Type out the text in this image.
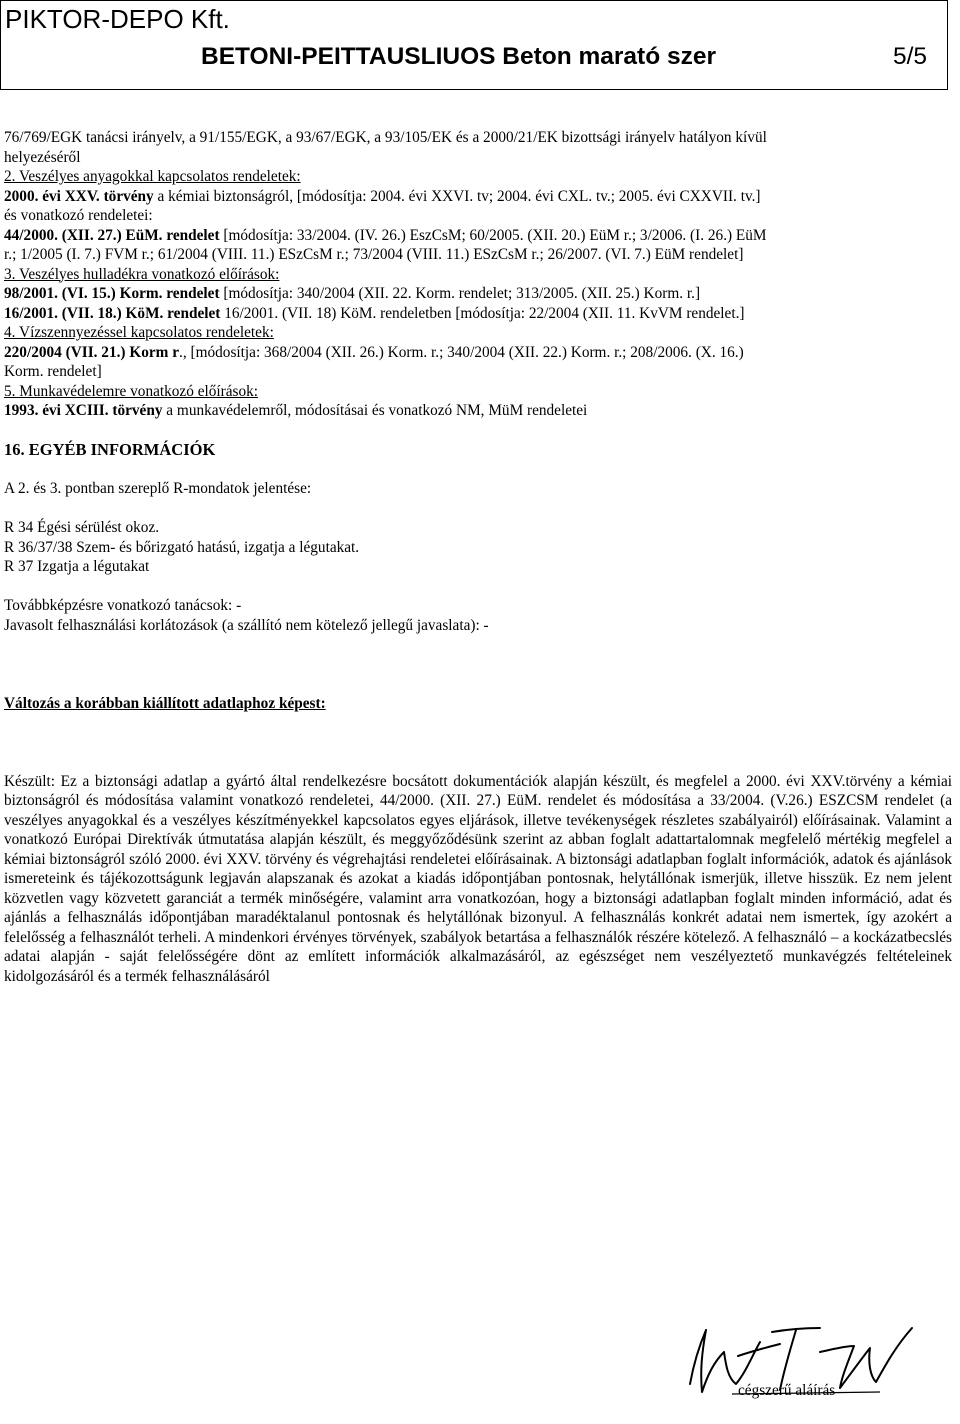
PIKTOR-DEPO Kft.
BETONI-PEITTAUSLIUOS Beton marató szer	5/5
76/769/EGK tanácsi irányelv, a 91/155/EGK, a 93/67/EGK, a 93/105/EK és a 2000/21/EK bizottsági irányelv hatályon kívül
helyezéséről
2. Veszélyes anyagokkal kapcsolatos rendeletek:
2000. évi XXV. törvény a kémiai biztonságról, [módosítja: 2004. évi XXVI. tv; 2004. évi CXL. tv.; 2005. évi CXXVII. tv.]
és vonatkozó rendeletei:
44/2000. (XII. 27.) EüM. rendelet [módosítja: 33/2004. (IV. 26.) EszCsM; 60/2005. (XII. 20.) EüM r.; 3/2006. (I. 26.) EüM
r.; 1/2005 (I. 7.) FVM r.; 61/2004 (VIII. 11.) ESzCsM r.; 73/2004 (VIII. 11.) ESzCsM r.; 26/2007. (VI. 7.) EüM rendelet]
3. Veszélyes hulladékra vonatkozó előírások:
98/2001. (VI. 15.) Korm. rendelet [módosítja: 340/2004 (XII. 22. Korm. rendelet; 313/2005. (XII. 25.) Korm. r.]
16/2001. (VII. 18.) KöM. rendelet 16/2001. (VII. 18) KöM. rendeletben [módosítja: 22/2004 (XII. 11. KvVM rendelet.]
4. Vízszennyezéssel kapcsolatos rendeletek:
220/2004 (VII. 21.) Korm r., [módosítja: 368/2004 (XII. 26.) Korm. r.; 340/2004 (XII. 22.) Korm. r.; 208/2006. (X. 16.)
Korm. rendelet]
5. Munkavédelemre vonatkozó előírások:
1993. évi XCIII. törvény a munkavédelemről, módosításai és vonatkozó NM, MüM rendeletei
16. EGYÉB INFORMÁCIÓK
A 2. és 3. pontban szereplő R-mondatok jelentése:
R 34 Égési sérülést okoz.
R 36/37/38 Szem- és bőrizgató hatású, izgatja a légutakat.
R 37 Izgatja a légutakat
Továbbképzésre vonatkozó tanácsok: -
Javasolt felhasználási korlátozások (a szállító nem kötelező jellegű javaslata): -
Változás a korábban kiállított adatlaphoz képest:
Készült: Ez a biztonsági adatlap a gyártó által rendelkezésre bocsátott dokumentációk alapján készült, és megfelel a 2000. évi XXV.törvény a kémiai biztonságról és módosítása valamint vonatkozó rendeletei, 44/2000. (XII. 27.) EüM. rendelet és módosítása a 33/2004. (V.26.) ESZCSM rendelet (a veszélyes anyagokkal és a veszélyes készítményekkel kapcsolatos egyes eljárások, illetve tevékenységek részletes szabályairól) előírásainak. Valamint a vonatkozó Európai Direktívák útmutatása alapján készült, és meggyőződésünk szerint az abban foglalt adattartalomnak megfelelő mértékig megfelel a kémiai biztonságról szóló 2000. évi XXV. törvény és végrehajtási rendeletei előírásainak. A biztonsági adatlapban foglalt információk, adatok és ajánlások ismereteink és tájékozottságunk legjaván alapszanak és azokat a kiadás időpontjában pontosnak, helytállónak ismerjük, illetve hisszük. Ez nem jelent közvetlen vagy közvetett garanciát a termék minőségére, valamint arra vonatkozóan, hogy a biztonsági adatlapban foglalt minden információ, adat és ajánlás a felhasználás időpontjában maradéktalanul pontosnak és helytállónak bizonyul. A felhasználás konkrét adatai nem ismertek, így azokért a felelősség a felhasználót terheli. A mindenkori érvényes törvények, szabályok betartása a felhasználók részére kötelező. A felhasználó – a kockázatbecslés adatai alapján - saját felelősségére dönt az említett információk alkalmazásáról, az egészséget nem veszélyeztető munkavégzés feltételeinek kidolgozásáról és a termék felhasználásáról
cégszerű aláírás
